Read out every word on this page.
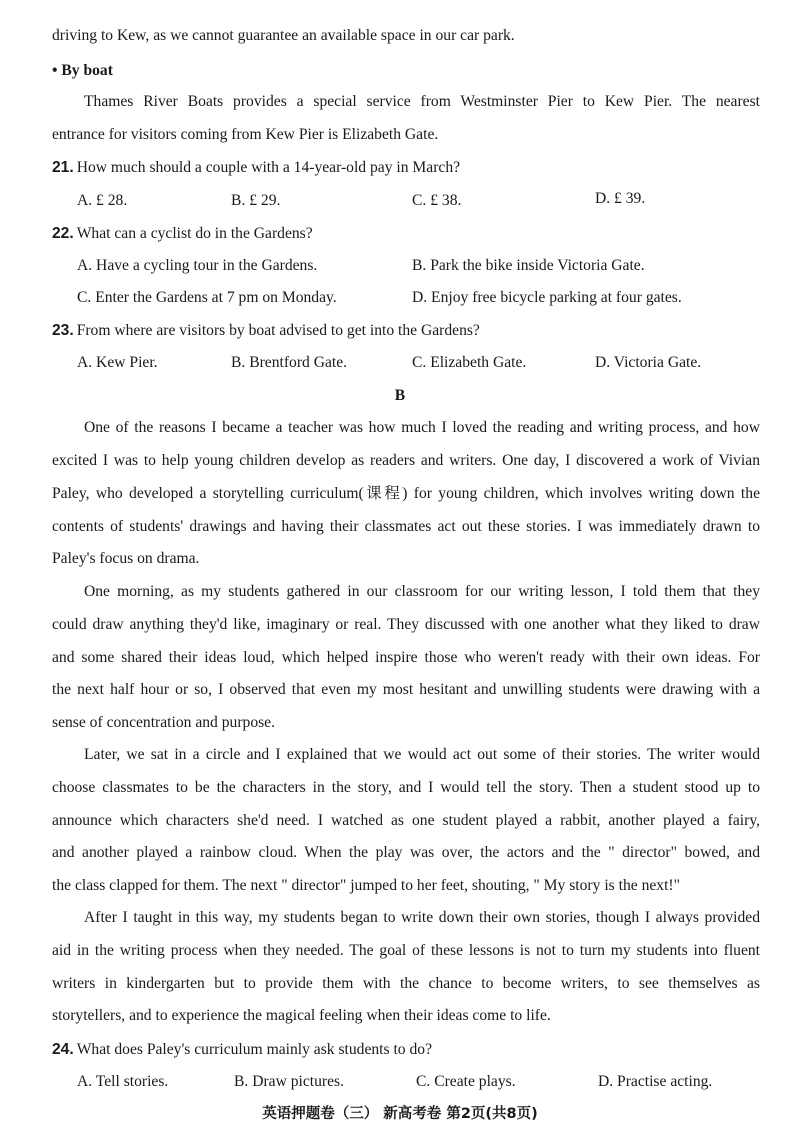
driving to Kew, as we cannot guarantee an available space in our car park.
• By boat
Thames River Boats provides a special service from Westminster Pier to Kew Pier. The nearest
entrance for visitors coming from Kew Pier is Elizabeth Gate.
21. How much should a couple with a 14-year-old pay in March?
A. £ 28.	B. £ 29.	C. £ 38.	D. £ 39.
22. What can a cyclist do in the Gardens?
A. Have a cycling tour in the Gardens.	B. Park the bike inside Victoria Gate.
C. Enter the Gardens at 7 pm on Monday.	D. Enjoy free bicycle parking at four gates.
23. From where are visitors by boat advised to get into the Gardens?
A. Kew Pier.	B. Brentford Gate.	C. Elizabeth Gate.	D. Victoria Gate.
B
One of the reasons I became a teacher was how much I loved the reading and writing process, and how
excited I was to help young children develop as readers and writers. One day, I discovered a work of Vivian
Paley, who developed a storytelling curriculum(课程) for young children, which involves writing down the
contents of students' drawings and having their classmates act out these stories. I was immediately drawn to
Paley's focus on drama.
One morning, as my students gathered in our classroom for our writing lesson, I told them that they
could draw anything they'd like, imaginary or real. They discussed with one another what they liked to draw
and some shared their ideas loud, which helped inspire those who weren't ready with their own ideas. For
the next half hour or so, I observed that even my most hesitant and unwilling students were drawing with a
sense of concentration and purpose.
Later, we sat in a circle and I explained that we would act out some of their stories. The writer would
choose classmates to be the characters in the story, and I would tell the story. Then a student stood up to
announce which characters she'd need. I watched as one student played a rabbit, another played a fairy,
and another played a rainbow cloud. When the play was over, the actors and the " director" bowed, and
the class clapped for them. The next " director" jumped to her feet, shouting, " My story is the next!"
After I taught in this way, my students began to write down their own stories, though I always provided
aid in the writing process when they needed. The goal of these lessons is not to turn my students into fluent
writers in kindergarten but to provide them with the chance to become writers, to see themselves as
storytellers, and to experience the magical feeling when their ideas come to life.
24. What does Paley's curriculum mainly ask students to do?
A. Tell stories.	B. Draw pictures.	C. Create plays.	D. Practise acting.
英语押题卷（三） 新高考卷 第2页(共8页)
